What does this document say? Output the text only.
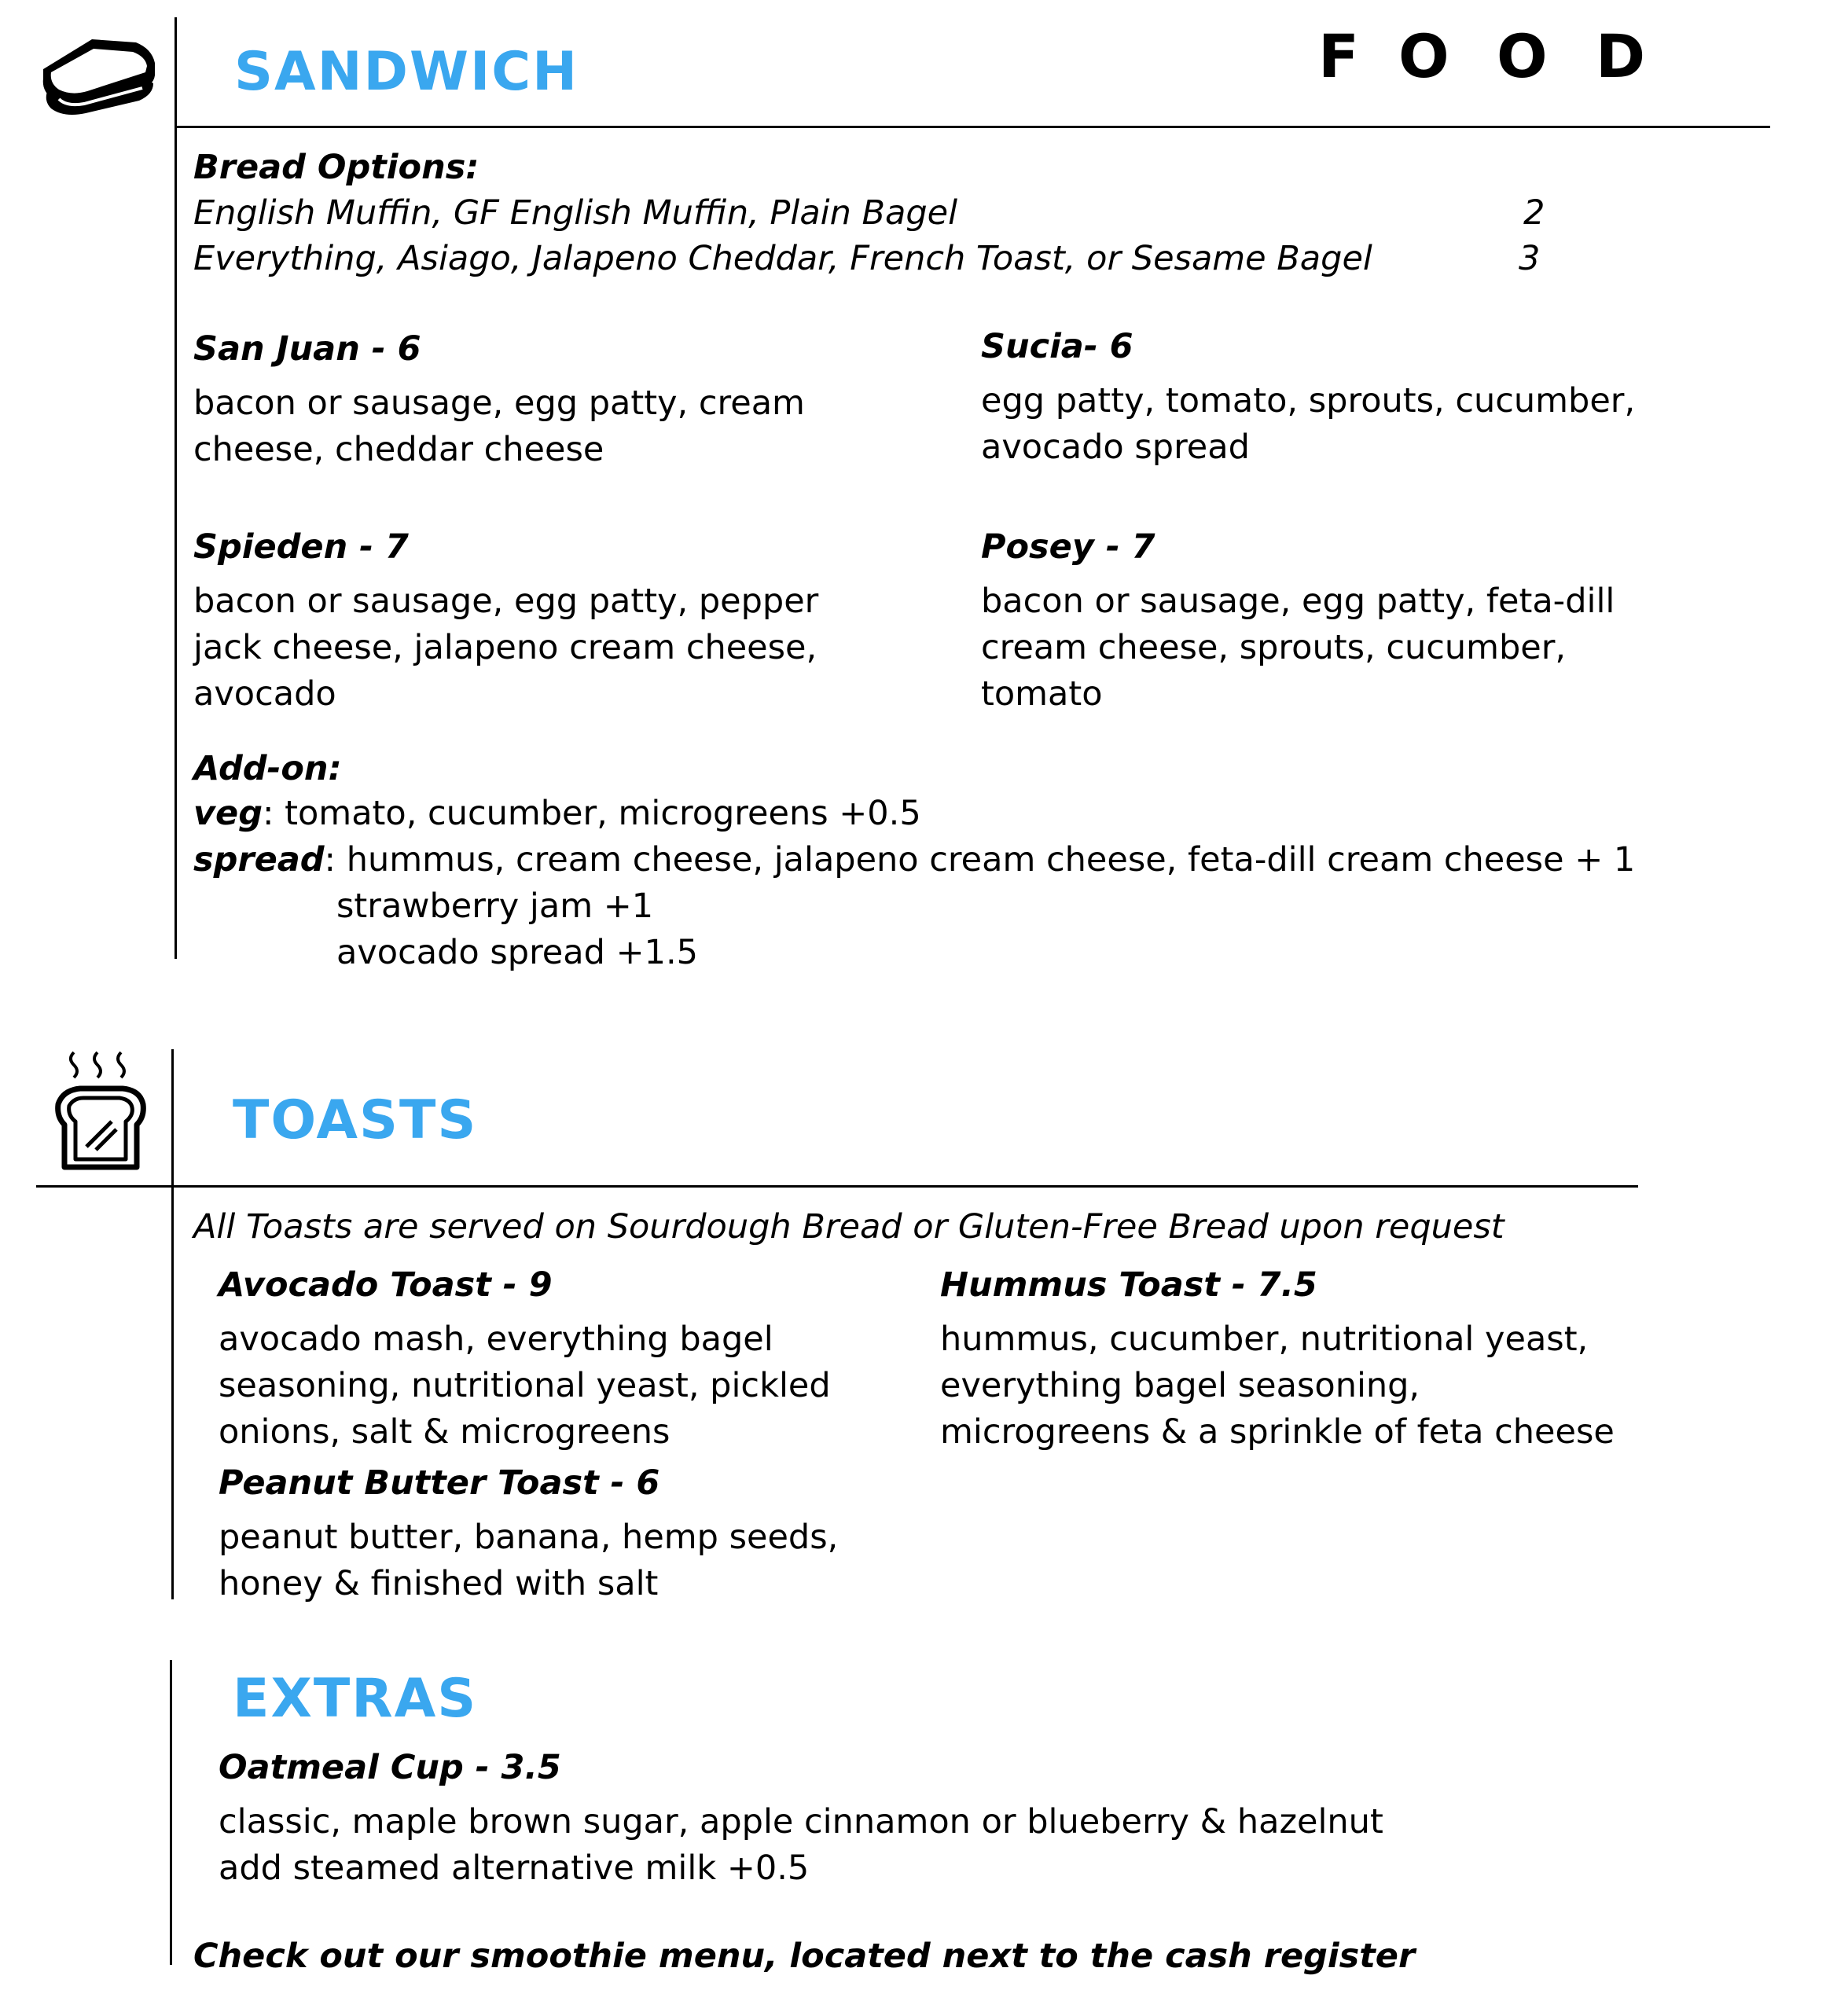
SANDWICH	F O O D
Bread Options:
English Muffin, GF English Muffin, Plain Bagel	2
Everything, Asiago, Jalapeno Cheddar, French Toast, or Sesame Bagel	3
San Juan - 6
bacon or sausage, egg patty, cream
cheese, cheddar cheese
Sucia- 6
egg patty, tomato, sprouts, cucumber,
avocado spread
Spieden - 7
bacon or sausage, egg patty, pepper
jack cheese, jalapeno cream cheese,
avocado
Posey - 7
bacon or sausage, egg patty, feta-dill
cream cheese, sprouts, cucumber,
tomato
Add-on:
veg: tomato, cucumber, microgreens +0.5
spread: hummus, cream cheese, jalapeno cream cheese, feta-dill cream cheese + 1
strawberry jam +1
avocado spread +1.5
TOASTS
All Toasts are served on Sourdough Bread or Gluten-Free Bread upon request
Avocado Toast - 9
avocado mash, everything bagel
seasoning, nutritional yeast, pickled
onions, salt & microgreens
Hummus Toast - 7.5
hummus, cucumber, nutritional yeast,
everything bagel seasoning,
microgreens & a sprinkle of feta cheese
Peanut Butter Toast - 6
peanut butter, banana, hemp seeds,
honey & finished with salt
EXTRAS
Oatmeal Cup - 3.5
classic, maple brown sugar, apple cinnamon or blueberry & hazelnut
add steamed alternative milk +0.5
Check out our smoothie menu, located next to the cash register
